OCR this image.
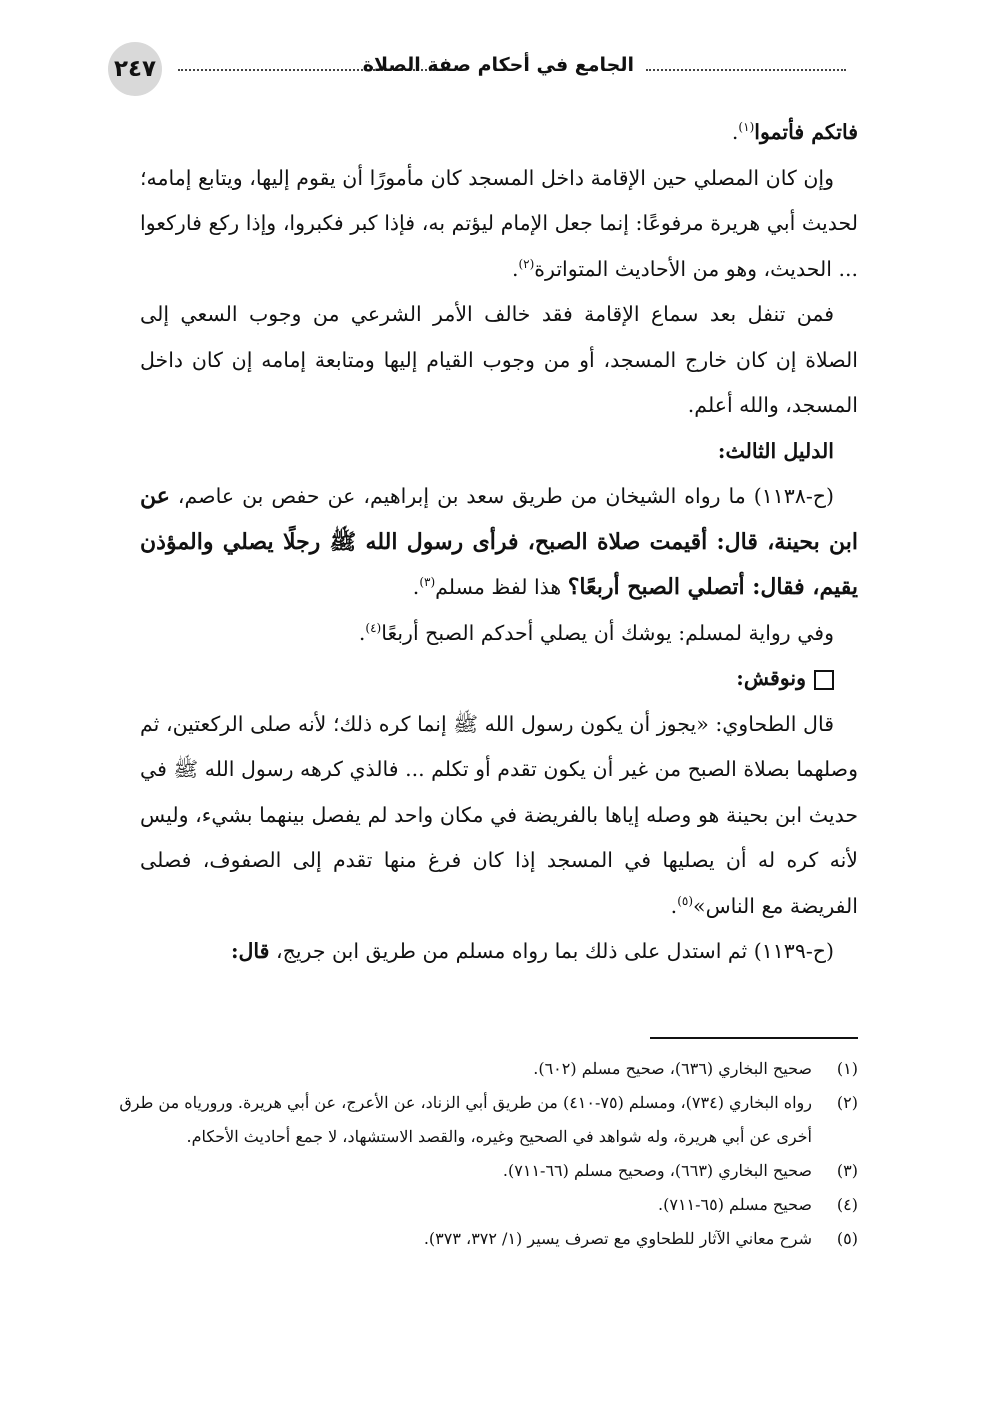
٢٤٧	الجامع في أحكام صفة الصلاة

فاتكم فأتموا$^{(١)}$.

وإن كان المصلي حين الإقامة داخل المسجد كان مأمورًا أن يقوم إليها، ويتابع إمامه؛ لحديث أبي هريرة مرفوعًا: إنما جعل الإمام ليؤتم به، فإذا كبر فكبروا، وإذا ركع فاركعوا ... الحديث، وهو من الأحاديث المتواترة$^{(٢)}$.

فمن تنفل بعد سماع الإقامة فقد خالف الأمر الشرعي من وجوب السعي إلى الصلاة إن كان خارج المسجد، أو من وجوب القيام إليها ومتابعة إمامه إن كان داخل المسجد، والله أعلم.

الدليل الثالث:

(ح-١١٣٨) ما رواه الشيخان من طريق سعد بن إبراهيم، عن حفص بن عاصم، عن ابن بحينة، قال: أقيمت صلاة الصبح، فرأى رسول الله ﷺ رجلًا يصلي والمؤذن يقيم، فقال: أتصلي الصبح أربعًا؟ هذا لفظ مسلم$^{(٣)}$.

وفي رواية لمسلم: يوشك أن يصلي أحدكم الصبح أربعًا$^{(٤)}$.

ونوقش:

قال الطحاوي: «يجوز أن يكون رسول الله ﷺ إنما كره ذلك؛ لأنه صلى الركعتين، ثم وصلهما بصلاة الصبح من غير أن يكون تقدم أو تكلم ... فالذي كرهه رسول الله ﷺ في حديث ابن بحينة هو وصله إياها بالفريضة في مكان واحد لم يفصل بينهما بشيء، وليس لأنه كره له أن يصليها في المسجد إذا كان فرغ منها تقدم إلى الصفوف، فصلى الفريضة مع الناس»$^{(٥)}$.

(ح-١١٣٩) ثم استدل على ذلك بما رواه مسلم من طريق ابن جريج، قال:

(١)
صحيح البخاري (٦٣٦)، صحيح مسلم (٦٠٢).
(٢)
رواه البخاري (٧٣٤)، ومسلم (٧٥-٤١٠) من طريق أبي الزناد، عن الأعرج، عن أبي هريرة. ورورياه من طرق أخرى عن أبي هريرة، وله شواهد في الصحيح وغيره، والقصد الاستشهاد، لا جمع أحاديث الأحكام.
(٣)
صحيح البخاري (٦٦٣)، وصحيح مسلم (٦٦-٧١١).
(٤)
صحيح مسلم (٦٥-٧١١).
(٥)
شرح معاني الآثار للطحاوي مع تصرف يسير (١/ ٣٧٢، ٣٧٣).
